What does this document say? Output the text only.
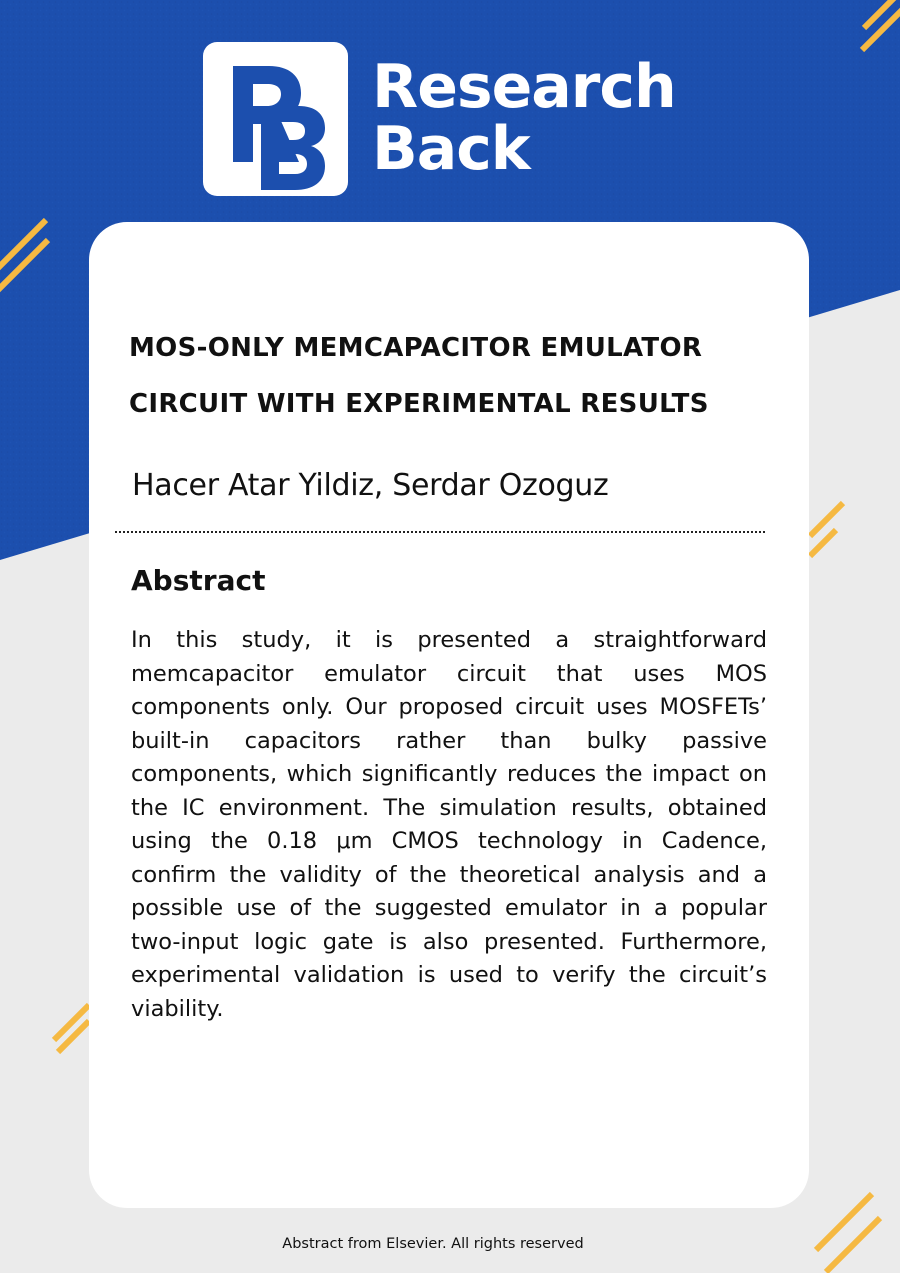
Research
Back
MOS-ONLY MEMCAPACITOR EMULATOR CIRCUIT WITH EXPERIMENTAL RESULTS
Hacer Atar Yildiz, Serdar Ozoguz
Abstract

In this study, it is presented a straightforward memcapacitor emulator circuit that uses MOS components only. Our proposed circuit uses MOSFETs’ built-in capacitors rather than bulky passive components, which significantly reduces the impact on the IC environment. The simulation results, obtained using the 0.18 μm CMOS technology in Cadence, confirm the validity of the theoretical analysis and a possible use of the suggested emulator in a popular two-input logic gate is also presented. Furthermore, experimental validation is used to verify the circuit’s viability.

Abstract from Elsevier. All rights reserved
